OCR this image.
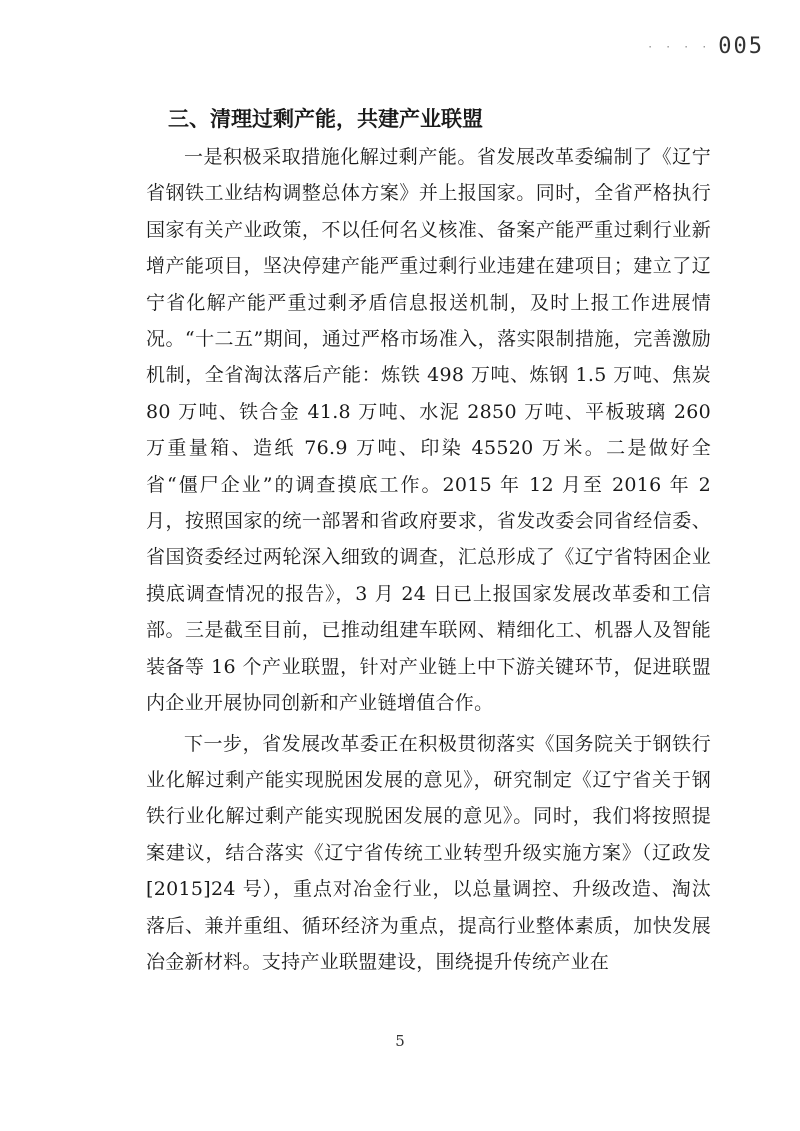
· · · · 005
三、清理过剩产能，共建产业联盟

一是积极采取措施化解过剩产能。省发展改革委编制了《辽宁省钢铁工业结构调整总体方案》并上报国家。同时，全省严格执行国家有关产业政策，不以任何名义核准、备案产能严重过剩行业新增产能项目，坚决停建产能严重过剩行业违建在建项目；建立了辽宁省化解产能严重过剩矛盾信息报送机制，及时上报工作进展情况。“十二五”期间，通过严格市场准入，落实限制措施，完善激励机制，全省淘汰落后产能：炼铁 498 万吨、炼钢 1.5 万吨、焦炭 80 万吨、铁合金 41.8 万吨、水泥 2850 万吨、平板玻璃 260 万重量箱、造纸 76.9 万吨、印染 45520 万米。二是做好全省“僵尸企业”的调查摸底工作。2015 年 12 月至 2016 年 2 月，按照国家的统一部署和省政府要求，省发改委会同省经信委、省国资委经过两轮深入细致的调查，汇总形成了《辽宁省特困企业摸底调查情况的报告》，3 月 24 日已上报国家发展改革委和工信部。三是截至目前，已推动组建车联网、精细化工、机器人及智能装备等 16 个产业联盟，针对产业链上中下游关键环节，促进联盟内企业开展协同创新和产业链增值合作。

下一步，省发展改革委正在积极贯彻落实《国务院关于钢铁行业化解过剩产能实现脱困发展的意见》，研究制定《辽宁省关于钢铁行业化解过剩产能实现脱困发展的意见》。同时，我们将按照提案建议，结合落实《辽宁省传统工业转型升级实施方案》（辽政发[2015]24 号），重点对冶金行业，以总量调控、升级改造、淘汰落后、兼并重组、循环经济为重点，提高行业整体素质，加快发展冶金新材料。支持产业联盟建设，围绕提升传统产业在

5
